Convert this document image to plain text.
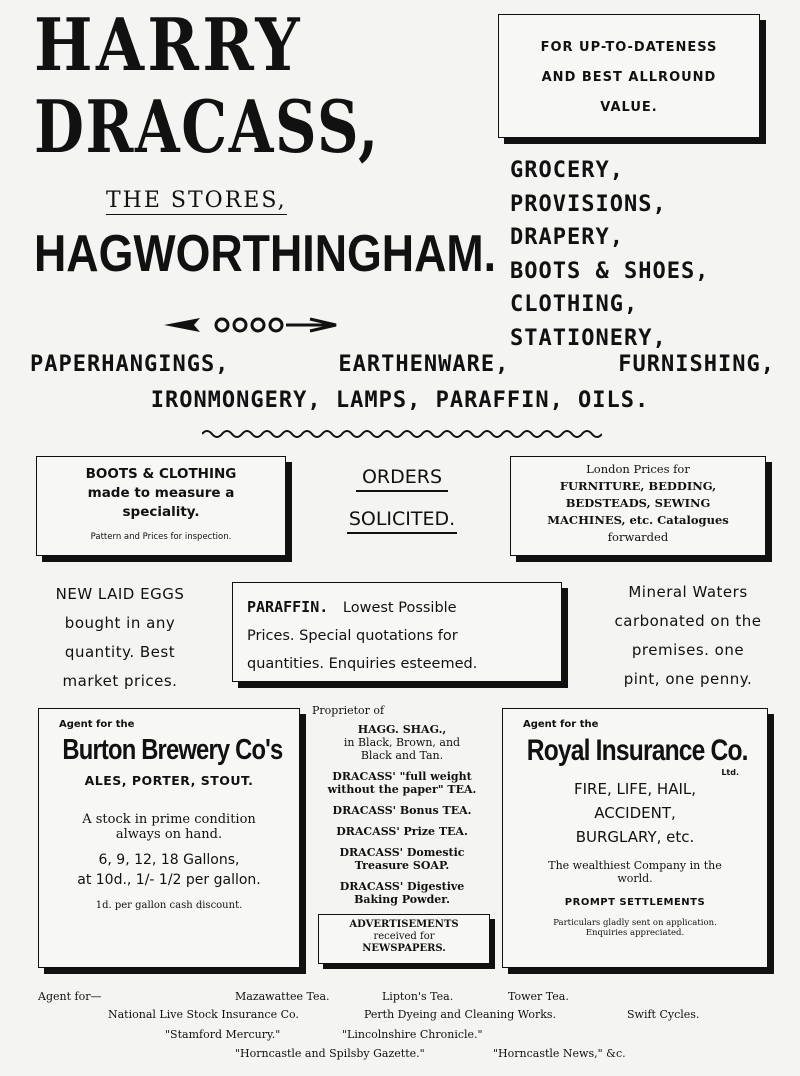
HARRY
DRACASS,
THE STORES,
HAGWORTHINGHAM.
FOR UP-TO-DATENESS
AND BEST ALLROUND
VALUE.
GROCERY,
PROVISIONS,
DRAPERY,
BOOTS & SHOES,
CLOTHING,
STATIONERY,
PAPERHANGINGS,	EARTHENWARE,	FURNISHING,
IRONMONGERY, LAMPS, PARAFFIN, OILS.
BOOTS & CLOTHING
made to measure a
speciality.
Pattern and Prices for inspection.
ORDERS
SOLICITED.
London Prices for
FURNITURE, BEDDING,
BEDSTEADS, SEWING
MACHINES, etc. Catalogues
forwarded
NEW LAID EGGS
bought in any
quantity. Best
market prices.
PARAFFIN. Lowest Possible
Prices. Special quotations for
quantities. Enquiries esteemed.
Mineral Waters
carbonated on the
premises. one
pint, one penny.
Agent for the
Burton Brewery Co's
ALES, PORTER, STOUT.
A stock in prime condition
always on hand.
6, 9, 12, 18 Gallons,
at 10d., 1/- 1/2 per gallon.
1d. per gallon cash discount.
Proprietor of
HAGG. SHAG.,
in Black, Brown, and
Black and Tan.
DRACASS' "full weight
without the paper" TEA.
DRACASS' Bonus TEA.
DRACASS' Prize TEA.
DRACASS' Domestic
Treasure SOAP.
DRACASS' Digestive
Baking Powder.
ADVERTISEMENTS
received for
NEWSPAPERS.
Agent for the
Royal Insurance Co.
Ltd.
FIRE, LIFE, HAIL,
ACCIDENT,
BURGLARY, etc.
The wealthiest Company in the
world.
PROMPT SETTLEMENTS
Particulars gladly sent on application.
Enquiries appreciated.
Agent for—	Mazawattee Tea.	Lipton's Tea.	Tower Tea.
National Live Stock Insurance Co.	Perth Dyeing and Cleaning Works.	Swift Cycles.
"Stamford Mercury."	"Lincolnshire Chronicle."
"Horncastle and Spilsby Gazette."	"Horncastle News," &c.
